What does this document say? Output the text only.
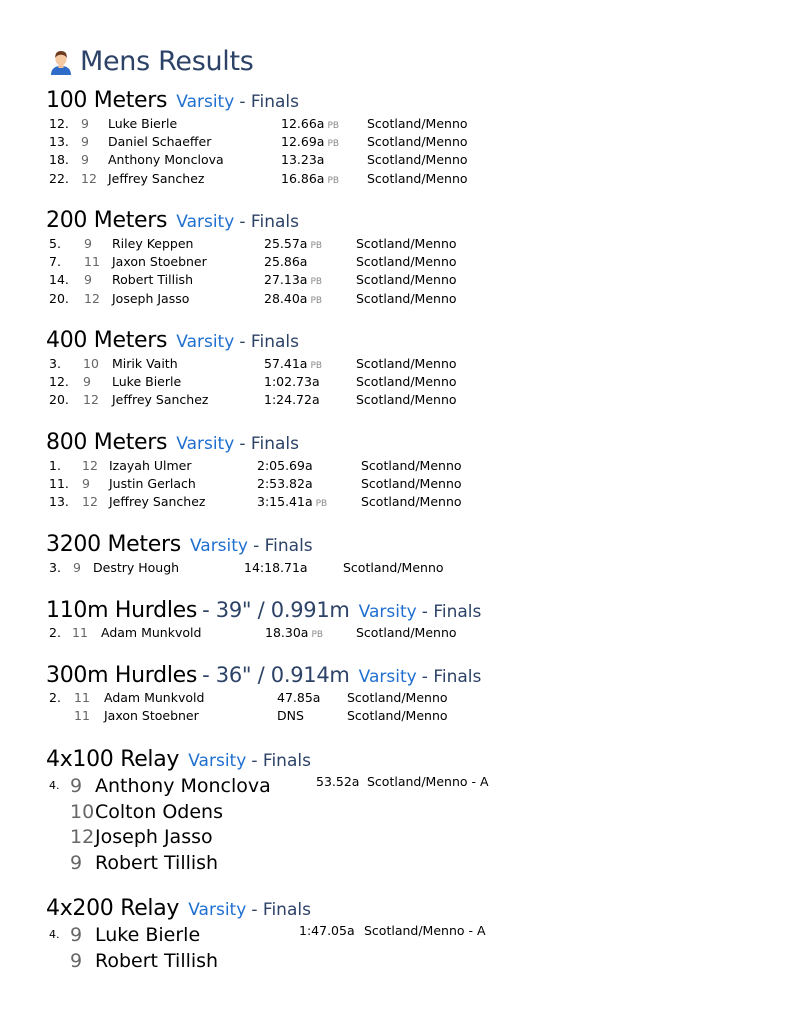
Mens Results
100 Meters Varsity - Finals
12. 9 Luke Bierle	12.66a PB Scotland/Menno
13. 9 Daniel Schaeffer	12.69a PB Scotland/Menno
18. 9 Anthony Monclova	13.23a	Scotland/Menno
22. 12 Jeffrey Sanchez	16.86a PB Scotland/Menno
200 Meters Varsity - Finals
5. 9 Riley Keppen	25.57a PB	Scotland/Menno
7. 11 Jaxon Stoebner	25.86a	Scotland/Menno
14. 9 Robert Tillish	27.13a PB	Scotland/Menno
20. 12 Joseph Jasso	28.40a PB	Scotland/Menno
400 Meters Varsity - Finals
3. 10 Mirik Vaith	57.41a PB	Scotland/Menno
12. 9 Luke Bierle	1:02.73a	Scotland/Menno
20. 12 Jeffrey Sanchez	1:24.72a	Scotland/Menno
800 Meters Varsity - Finals
1. 12 Izayah Ulmer	2:05.69a	Scotland/Menno
11. 9 Justin Gerlach	2:53.82a	Scotland/Menno
13. 12 Jeffrey Sanchez	3:15.41a PB	Scotland/Menno
3200 Meters Varsity - Finals
3. 9 Destry Hough	14:18.71a	Scotland/Menno
110m Hurdles - 39" / 0.991m Varsity - Finals
2. 11 Adam Munkvold	18.30a PB	Scotland/Menno
300m Hurdles - 36" / 0.914m Varsity - Finals
2. 11 Adam Munkvold	47.85a Scotland/Menno
11 Jaxon Stoebner	DNS	Scotland/Menno
4x100 Relay Varsity - Finals
4. 9 Anthony Monclova	53.52a Scotland/Menno - A
10 Colton Odens
12 Joseph Jasso
9 Robert Tillish
4x200 Relay Varsity - Finals
4. 9 Luke Bierle	1:47.05a Scotland/Menno - A
9 Robert Tillish
